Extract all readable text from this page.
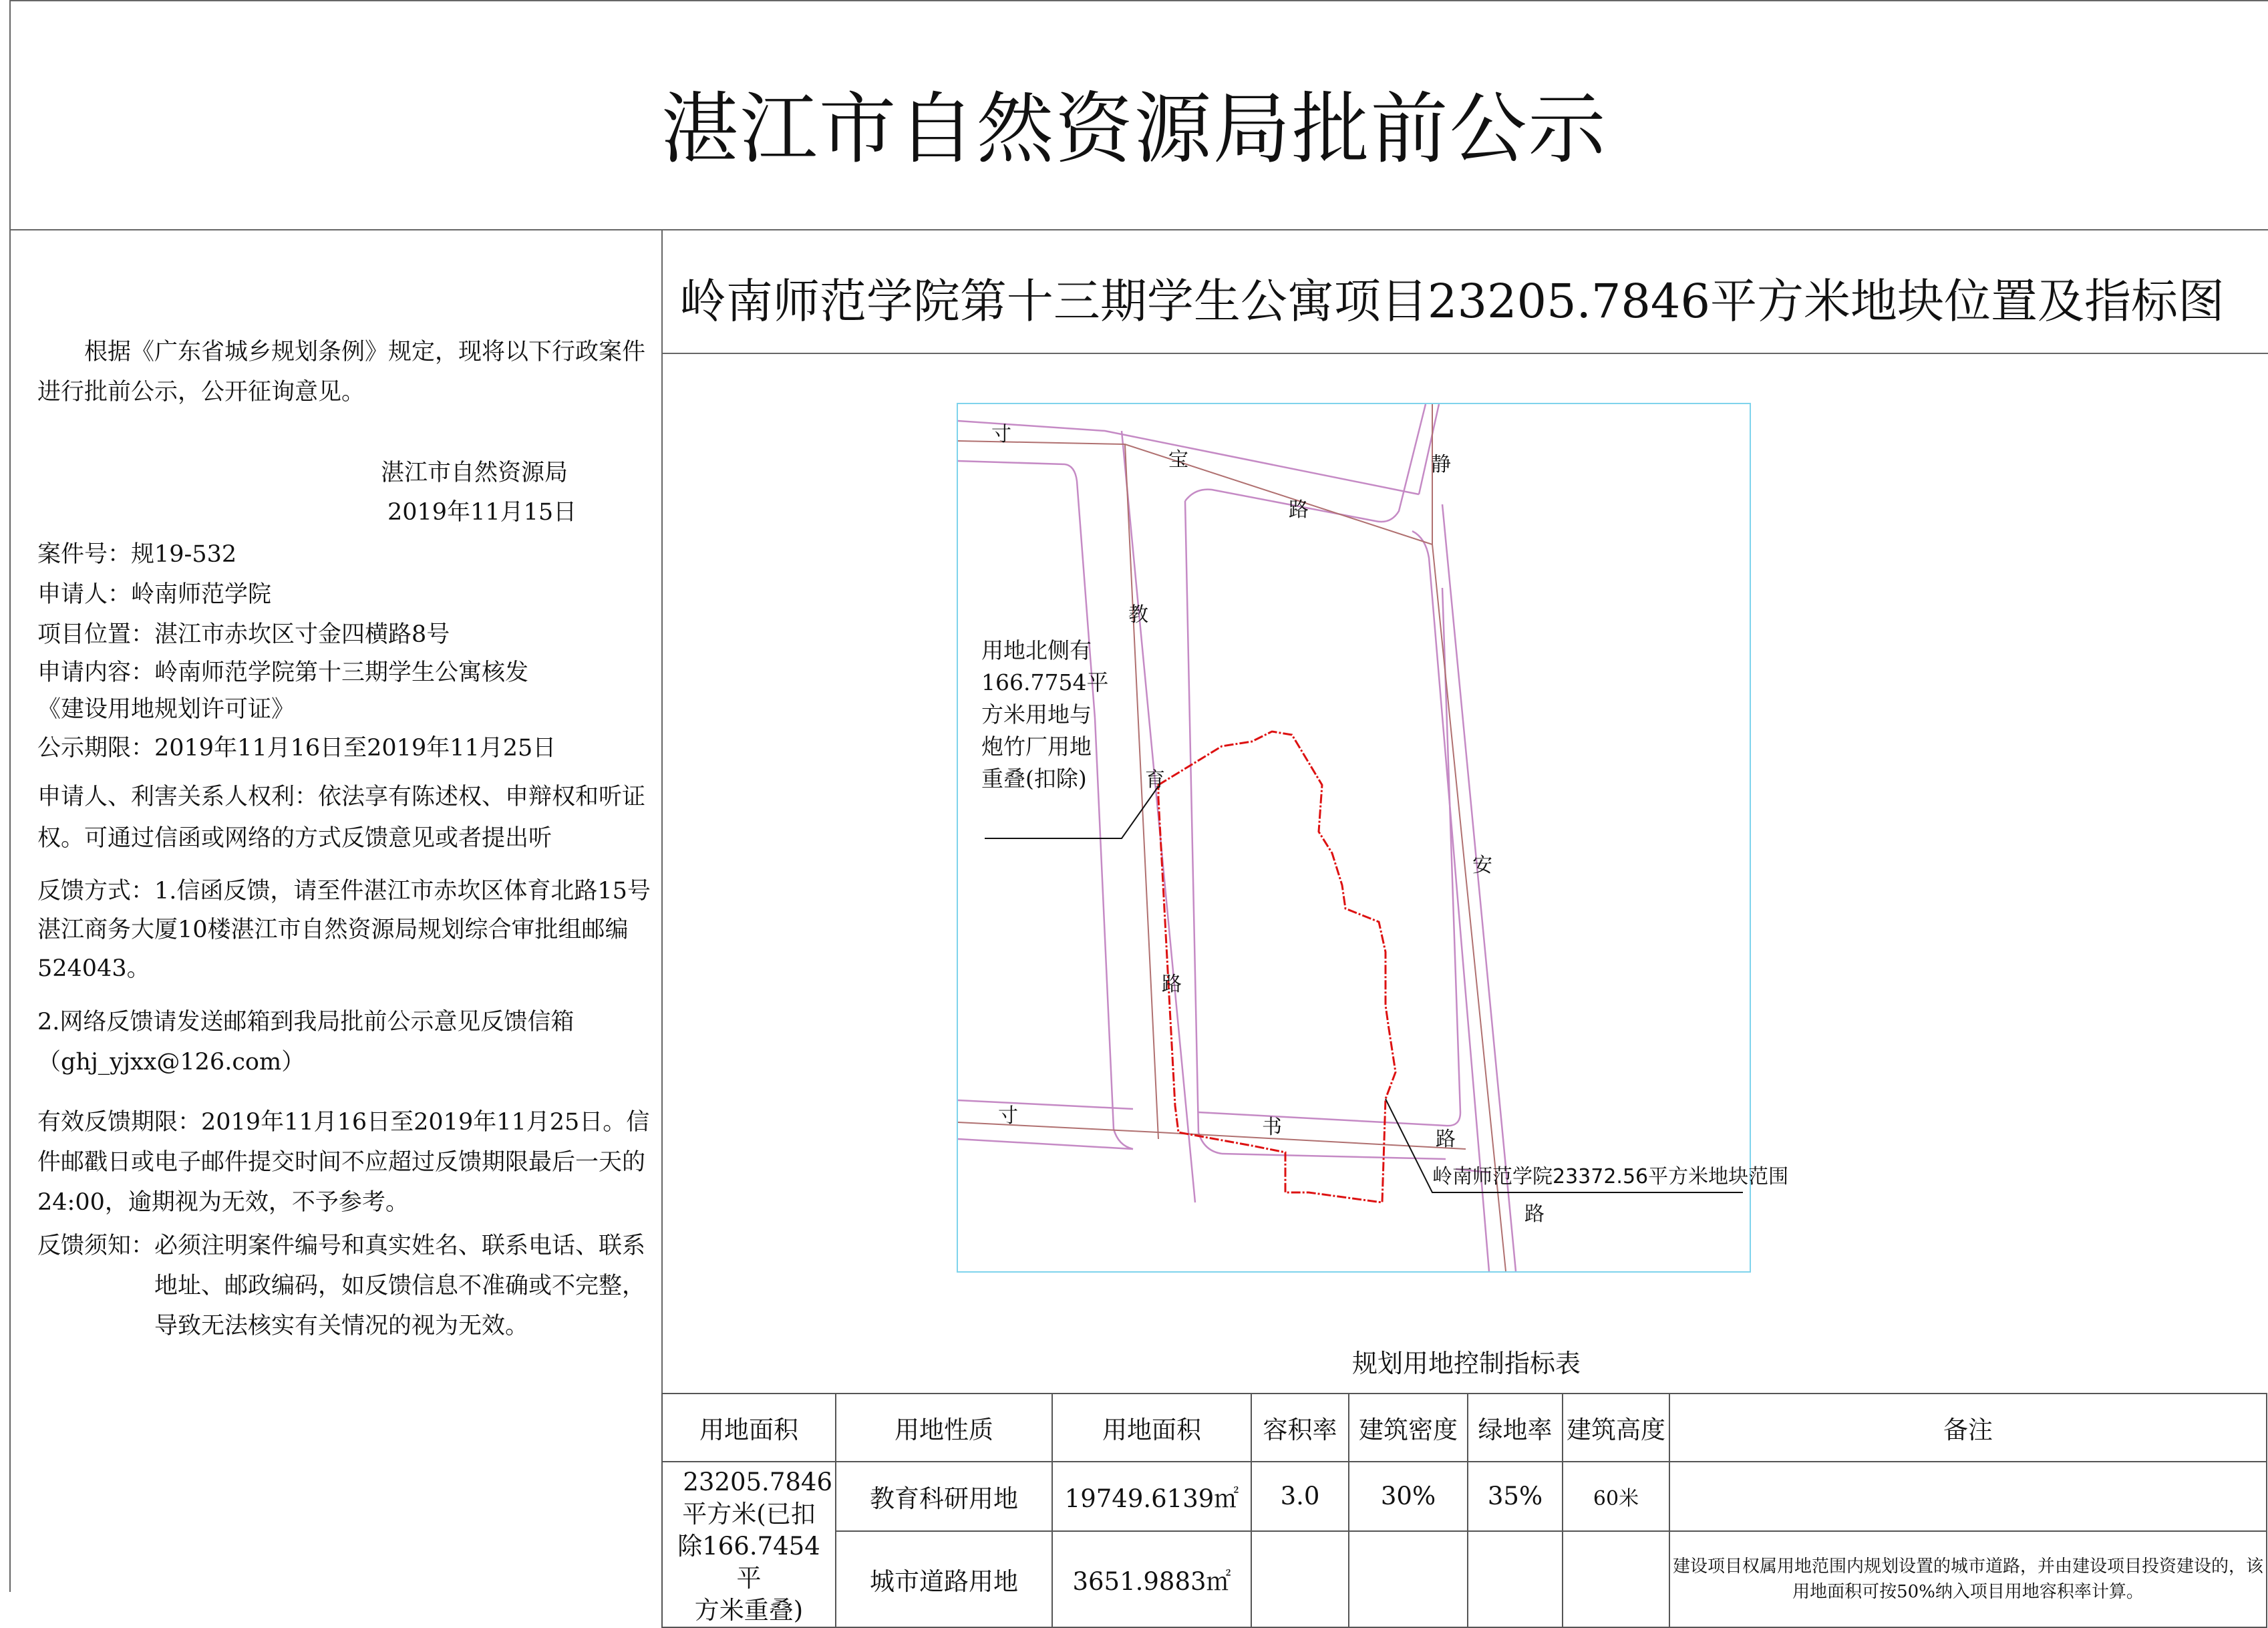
湛江市自然资源局批前公示
岭南师范学院第十三期学生公寓项目23205.7846平方米地块位置及指标图

根据《广东省城乡规划条例》规定，现将以下行政案件进行批前公示，公开征询意见。

湛江市自然资源局

2019年11月15日

案件号：规19-532
申请人：岭南师范学院
项目位置：湛江市赤坎区寸金四横路8号

申请内容：岭南师范学院第十三期学生公寓核发

《建设用地规划许可证》

公示期限：2019年11月16日至2019年11月25日

申请人、利害关系人权利：依法享有陈述权、申辩权和听证权。可通过信函或网络的方式反馈意见或者提出听

反馈方式：1.信函反馈，请至件湛江市赤坎区体育北路15号湛江商务大厦10楼湛江市自然资源局规划综合审批组邮编524043。

2.网络反馈请发送邮箱到我局批前公示意见反馈信箱（ghj_yjxx@126.com）

有效反馈期限：2019年11月16日至2019年11月25日。信件邮戳日或电子邮件提交时间不应超过反馈期限最后一天的24:00，逾期视为无效，不予参考。

反馈须知： 必须注明案件编号和真实姓名、联系电话、联系地址、邮政编码，如反馈信息不准确或不完整，导致无法核实有关情况的视为无效。
寸
宝
路
静
安
路
教
育
路
寸	书
路
用地北侧有
166.7754平
方米用地与
炮竹厂用地
重叠(扣除)
岭南师范学院23372.56平方米地块范围
规划用地控制指标表
用地面积	用地性质	用地面积	容积率	建筑密度	绿地率	建筑高度	备注

23205.7846
平方米(已扣
除166.7454平
方米重叠)	教育科研用地	19749.6139㎡	3.0	30%	35%	60米	
	城市道路用地	3651.9883㎡					建设项目权属用地范围内规划设置的城市道路，并由建设项目投资建设的，该用地面积可按50%纳入项目用地容积率计算。
